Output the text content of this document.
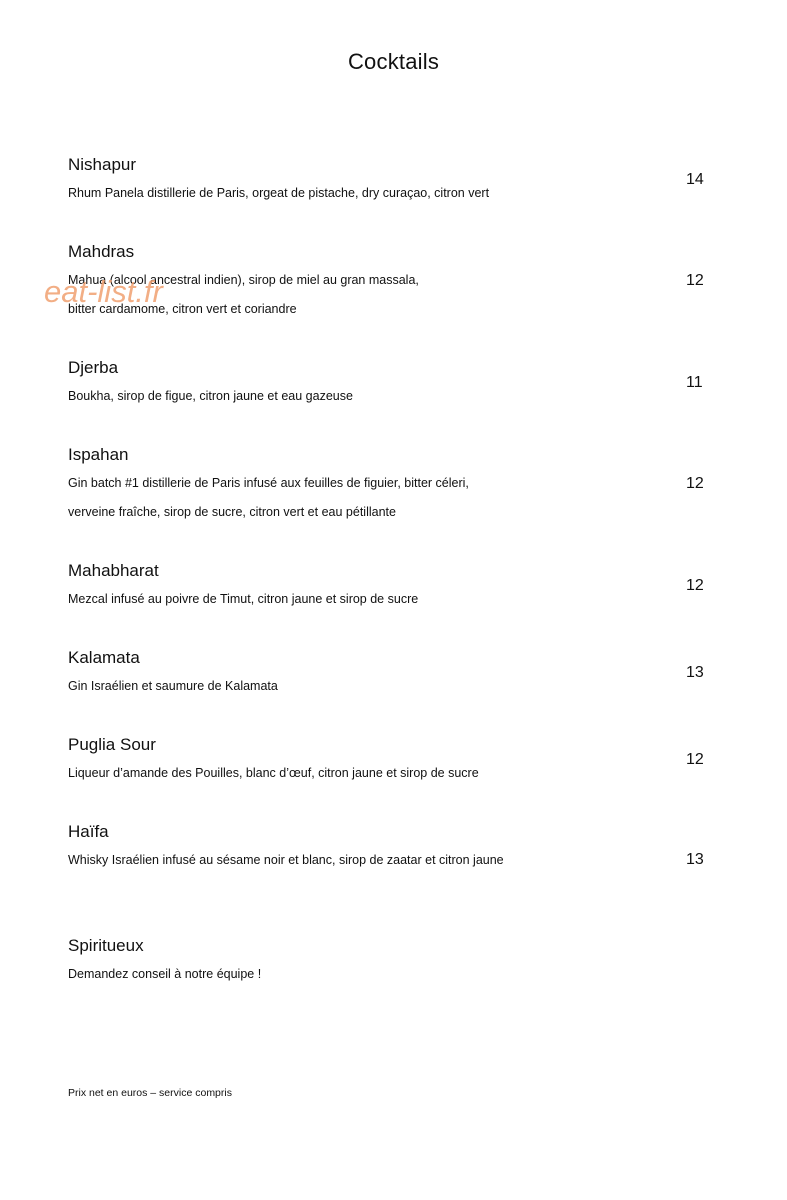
Cocktails
Nishapur
Rhum Panela distillerie de Paris, orgeat de pistache, dry curaçao, citron vert
14
Mahdras
Mahua (alcool ancestral indien), sirop de miel au gran massala,
bitter cardamome, citron vert et coriandre
12
Djerba
Boukha, sirop de figue, citron jaune et eau gazeuse
11
Ispahan
Gin batch #1 distillerie de Paris infusé aux feuilles de figuier, bitter céleri,
verveine fraîche, sirop de sucre, citron vert et eau pétillante
12
Mahabharat
Mezcal infusé au poivre de Timut, citron jaune et sirop de sucre
12
Kalamata
Gin Israélien et saumure de Kalamata
13
Puglia Sour
Liqueur d’amande des Pouilles, blanc d’œuf, citron jaune et sirop de sucre
12
Haïfa
Whisky Israélien infusé au sésame noir et blanc, sirop de zaatar et citron jaune	13
Spiritueux
Demandez conseil à notre équipe !
Prix net en euros – service compris
eat-list.fr
